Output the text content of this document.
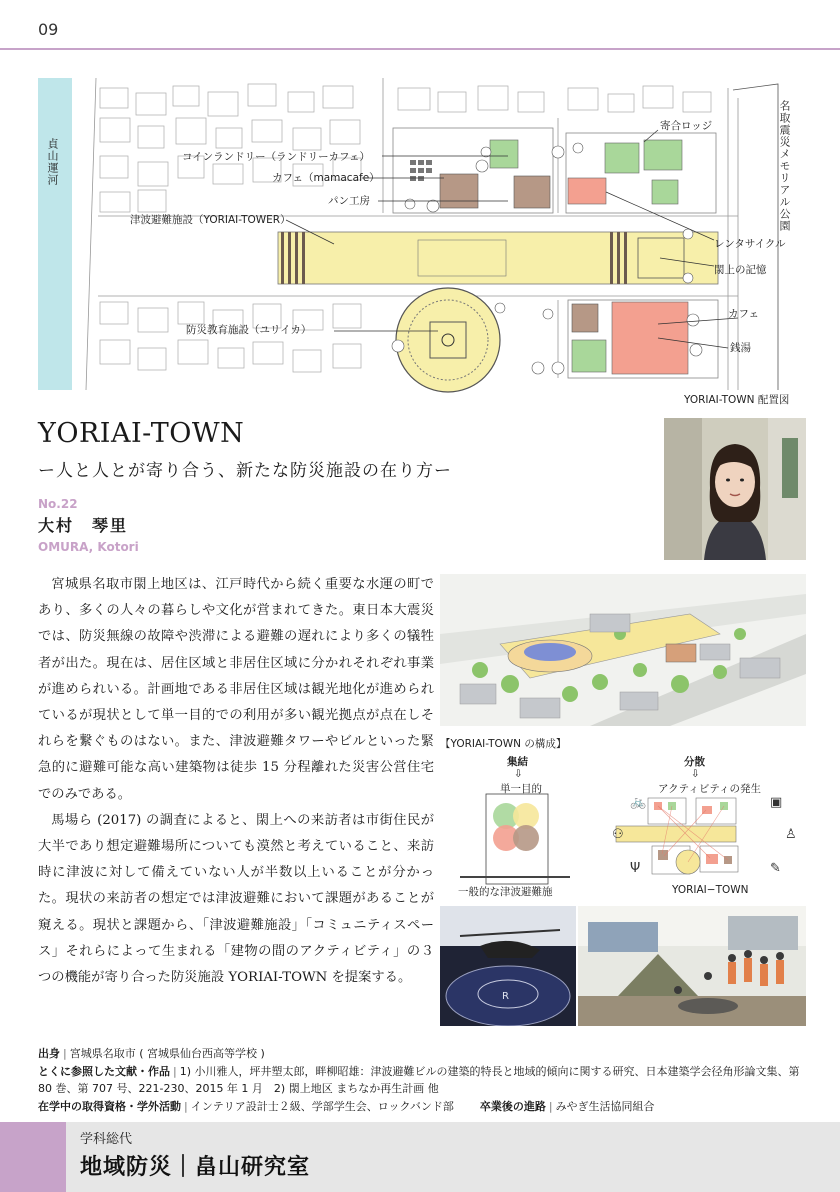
09
貞山運河	コインランドリー（ランドリーカフェ）
カフェ（mamacafe）
パン工房
津波避難施設（YORIAI-TOWER）
防災教育施設（ユリイカ）
寄合ロッジ	名取震災メモリアル公園
レンタサイクル
閖上の記憶
カフェ
銭湯
YORIAI-TOWN 配置図
YORIAI-TOWN
ー人と人とが寄り合う、新たな防災施設の在り方ー
No.22
大村　琴里
OMURA, Kotori

宮城県名取市閖上地区は、江戸時代から続く重要な水運の町であり、多くの人々の暮らしや文化が営まれてきた。東日本大震災では、防災無線の故障や渋滞による避難の遅れにより多くの犠牲者が出た。現在は、居住区域と非居住区域に分かれそれぞれ事業が進められいる。計画地である非居住区域は観光地化が進められているが現状として単一目的での利用が多い観光拠点が点在しそれらを繋ぐものはない。また、津波避難タワーやビルといった緊急的に避難可能な高い建築物は徒歩 15 分程離れた災害公営住宅でのみである。

馬場ら (2017) の調査によると、閖上への来訪者は市街住民が大半であり想定避難場所についても漠然と考えていること、来訪時に津波に対して備えていない人が半数以上いることが分かった。現状の来訪者の想定では津波避難において課題があることが窺える。現状と課題から、「津波避難施設」「コミュニティスペース」それらによって生まれる「建物の間のアクティビティ」の３つの機能が寄り合った防災施設 YORIAI-TOWN を提案する。

【YORIAI-TOWN の構成】
集結
⇩
単一目的
分散
⇩
アクティビティの発生
🚲	▣
⚇	♙
Ψ	✎
一般的な津波避難施	YORIAI−TOWN
R
出身 | 宮城県名取市 ( 宮城県仙台西高等学校 )
とくに参照した文献・作品 | 1) 小川雅人，坪井塑太郎，畔柳昭雄：津波避難ビルの建築的特長と地域的傾向に関する研究、日本建築学会径角形論文集、第 80 巻、第 707 号、221-230、2015 年 1 月　2) 閖上地区 まちなか再生計画 他
在学中の取得資格・学外活動 | インテリア設計士２級、学部学生会、ロックバンド部 卒業後の進路 | みやぎ生活協同組合
学科総代
地域防災｜畠山研究室
